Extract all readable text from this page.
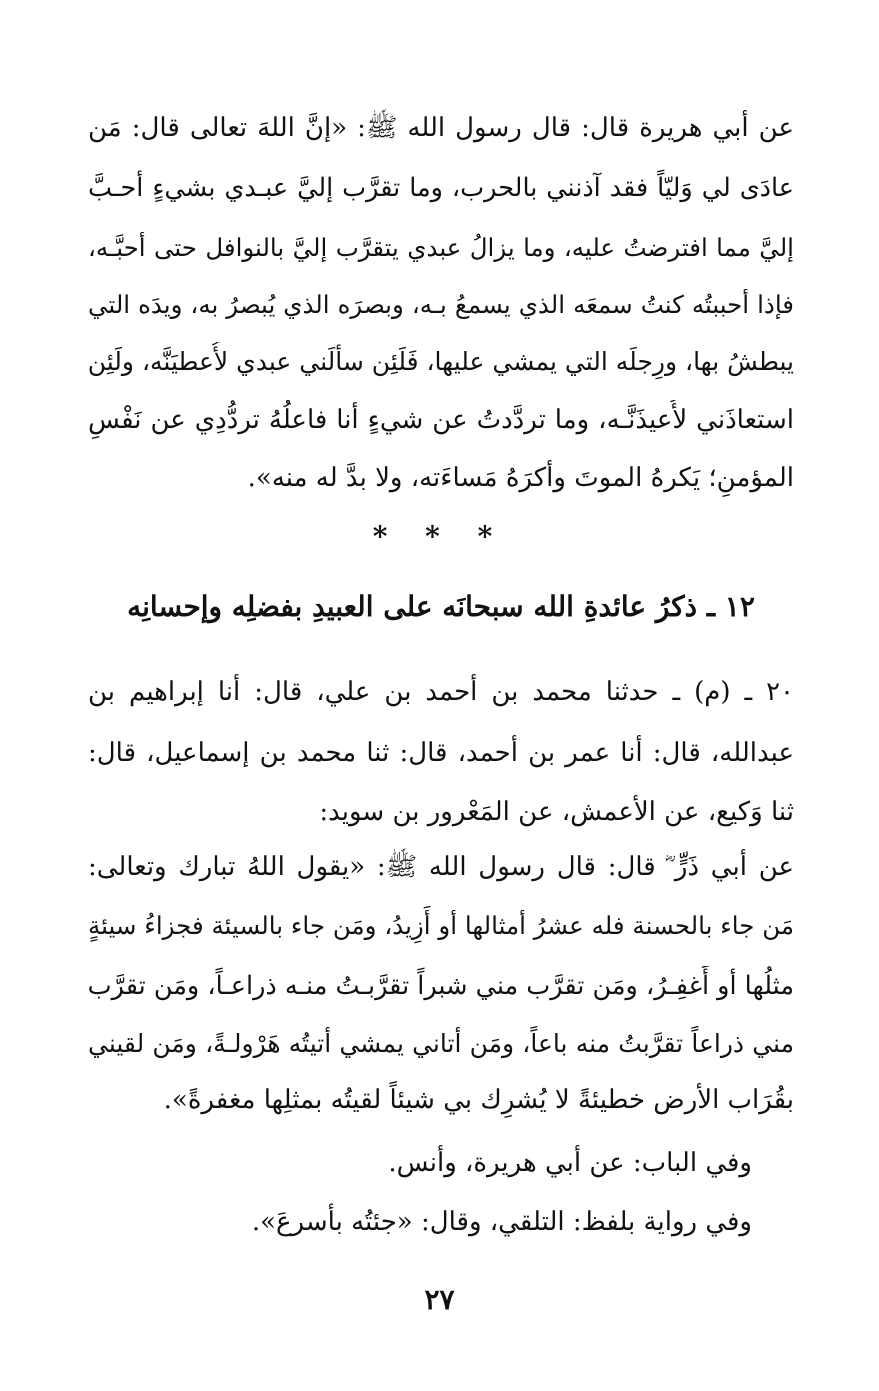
عن أبي هريرة قال: قال رسول الله ﷺ: «إنَّ اللهَ تعالى قال: مَن
عادَى لي وَليّاً فقد آذنني بالحرب، وما تقرَّب إليَّ عبـدي بشيءٍ أحـبَّ
إليَّ مما افترضتُ عليه، وما يزالُ عبدي يتقرَّب إليَّ بالنوافل حتى أحبَّـه،
فإذا أحببتُه كنتُ سمعَه الذي يسمعُ بـه، وبصرَه الذي يُبصرُ به، ويدَه التي
يبطشُ بها، ورِجلَه التي يمشي عليها، فَلَئِن سألَني عبدي لأُعطيَنَّه، ولَئِن
استعاذَني لأُعيذَنَّـه، وما تردَّدتُ عن شيءٍ أنا فاعلُهُ تردُّدِي عن نَفْسِ
المؤمنِ؛ يَكرهُ الموتَ وأكرَهُ مَساءَته، ولا بدَّ له منه».
* * *
١٢ ـ ذكرُ عائدةِ الله سبحانَه على العبيدِ بفضلِه وإحسانِه
٢٠ ـ (م) ـ حدثنا محمد بن أحمد بن علي، قال: أنا إبراهيم بن
عبدالله، قال: أنا عمر بن أحمد، قال: ثنا محمد بن إسماعيل، قال:
ثنا وَكيع، عن الأعمش، عن المَعْرور بن سويد:
عن أبي ذَرٍّ ؓ قال: قال رسول الله ﷺ: «يقول اللهُ تبارك وتعالى:
مَن جاء بالحسنة فله عشرُ أمثالها أو أَزِيدُ، ومَن جاء بالسيئة فجزاءُ سيئةٍ
مثلُها أو أَغفِـرُ، ومَن تقرَّب مني شبراً تقرَّبـتُ منـه ذراعـاً، ومَن تقرَّب
مني ذراعاً تقرَّبتُ منه باعاً، ومَن أتاني يمشي أتيتُه هَرْولـةً، ومَن لقيني
بقُرَاب الأرض خطيئةً لا يُشرِك بي شيئاً لقيتُه بمثلِها مغفرةً».
وفي الباب: عن أبي هريرة، وأنس.
وفي رواية بلفظ: التلقي، وقال: «جئتُه بأسرعَ».
٢٧
